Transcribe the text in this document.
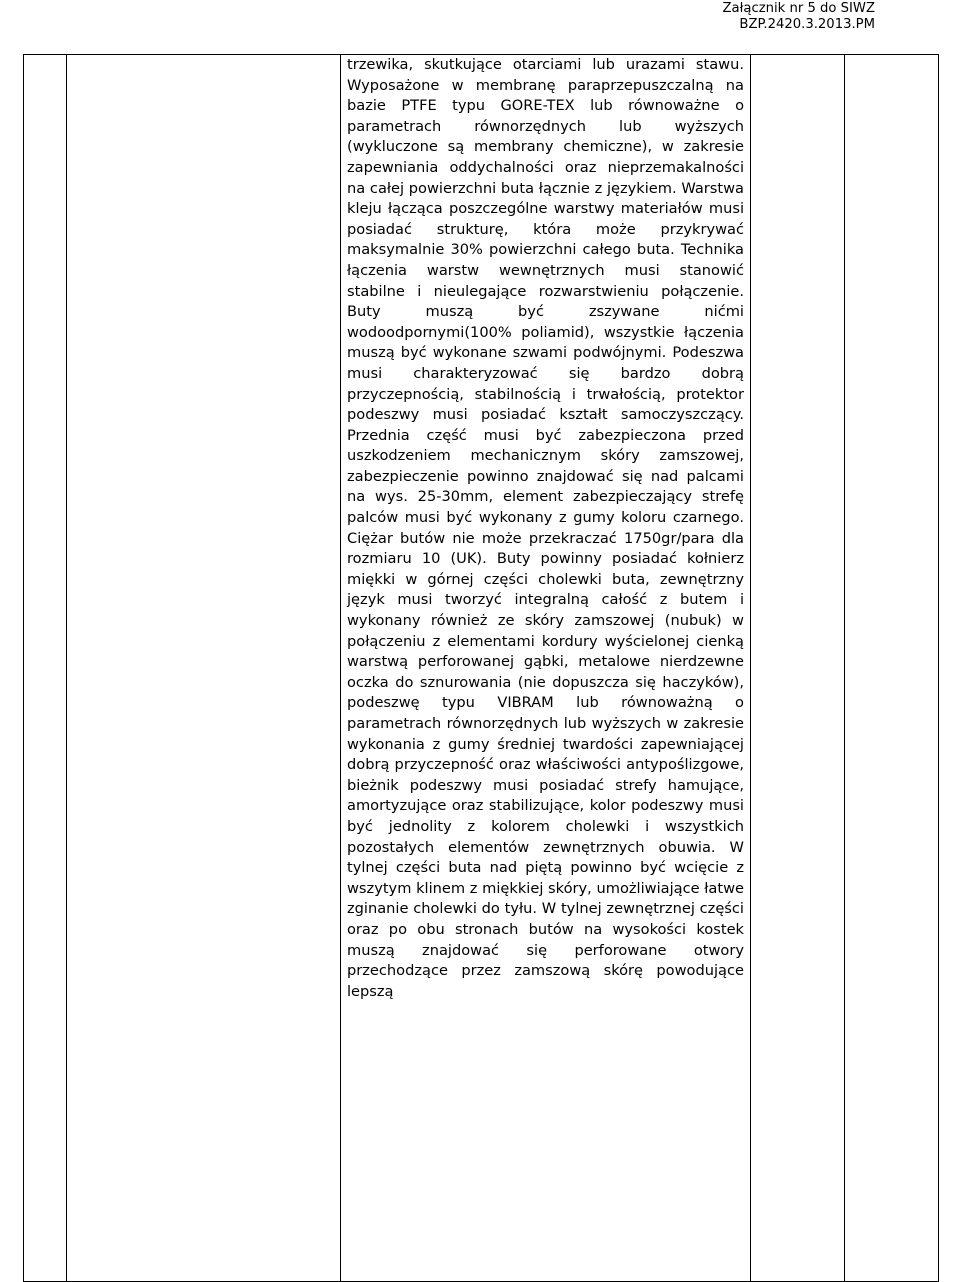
Załącznik nr 5 do SIWZ
BZP.2420.3.2013.PM

trzewika, skutkujące otarciami lub urazami stawu. Wyposażone w membranę paraprzepuszczalną na bazie PTFE typu GORE-TEX lub równoważne o parametrach równorzędnych lub wyższych (wykluczone są membrany chemiczne), w zakresie zapewniania oddychalności oraz nieprzemakalności na całej powierzchni buta łącznie z językiem. Warstwa kleju łącząca poszczególne warstwy materiałów musi posiadać strukturę, która może przykrywać maksymalnie 30% powierzchni całego buta. Technika łączenia warstw wewnętrznych musi stanowić stabilne i nieulegające rozwarstwieniu połączenie. Buty muszą być zszywane nićmi wodoodpornymi(100% poliamid), wszystkie łączenia muszą być wykonane szwami podwójnymi. Podeszwa musi charakteryzować się bardzo dobrą przyczepnością, stabilnością i trwałością, protektor podeszwy musi posiadać kształt samoczyszczący. Przednia część musi być zabezpieczona przed uszkodzeniem mechanicznym skóry zamszowej, zabezpieczenie powinno znajdować się nad palcami na wys. 25-30mm, element zabezpieczający strefę palców musi być wykonany z gumy koloru czarnego. Ciężar butów nie może przekraczać 1750gr/para dla rozmiaru 10 (UK). Buty powinny posiadać kołnierz miękki w górnej części cholewki buta, zewnętrzny język musi tworzyć integralną całość z butem i wykonany również ze skóry zamszowej (nubuk) w połączeniu z elementami kordury wyścielonej cienką warstwą perforowanej gąbki, metalowe nierdzewne oczka do sznurowania (nie dopuszcza się haczyków), podeszwę typu VIBRAM lub równoważną o parametrach równorzędnych lub wyższych w zakresie wykonania z gumy średniej twardości zapewniającej dobrą przyczepność oraz właściwości antypoślizgowe, bieżnik podeszwy musi posiadać strefy hamujące, amortyzujące oraz stabilizujące, kolor podeszwy musi być jednolity z kolorem cholewki i wszystkich pozostałych elementów zewnętrznych obuwia. W tylnej części buta nad piętą powinno być wcięcie z wszytym klinem z miękkiej skóry, umożliwiające łatwe zginanie cholewki do tyłu. W tylnej zewnętrznej części oraz po obu stronach butów na wysokości kostek muszą znajdować się perforowane otwory przechodzące przez zamszową skórę powodujące lepszą
